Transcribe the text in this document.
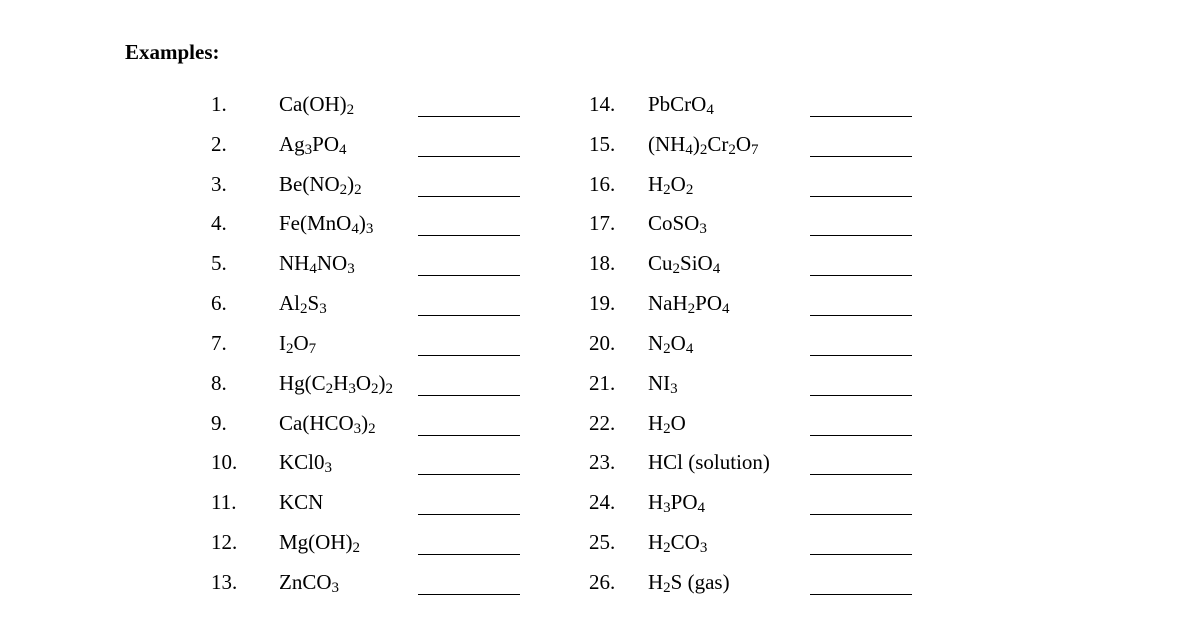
Examples:
1. $Ca(OH)_2$
2. $Ag_3PO_4$
3. $Be(NO_2)_2$
4. $Fe(MnO_4)_3$
5. $NH_4NO_3$
6. $Al_2S_3$
7. $I_2O_7$
8. $Hg(C_2H_3O_2)_2$
9. $Ca(HCO_3)_2$
10. $KCl0_3$
11. KCN
12. $Mg(OH)_2$
13. ZnCO$_3$
14. PbCrO$_4$
15. $(NH_4)_2Cr_2O_7$
16. $H_2O_2$
17. CoSO$_3$
18. $Cu_2SiO_4$
19. $NaH_2PO_4$
20. $N_2O_4$
21. $NI_3$
22. $H_2O$
23. HCl (solution)
24. $H_3PO_4$
25. $H_2CO_3$
26. $H_2S$ (gas)
